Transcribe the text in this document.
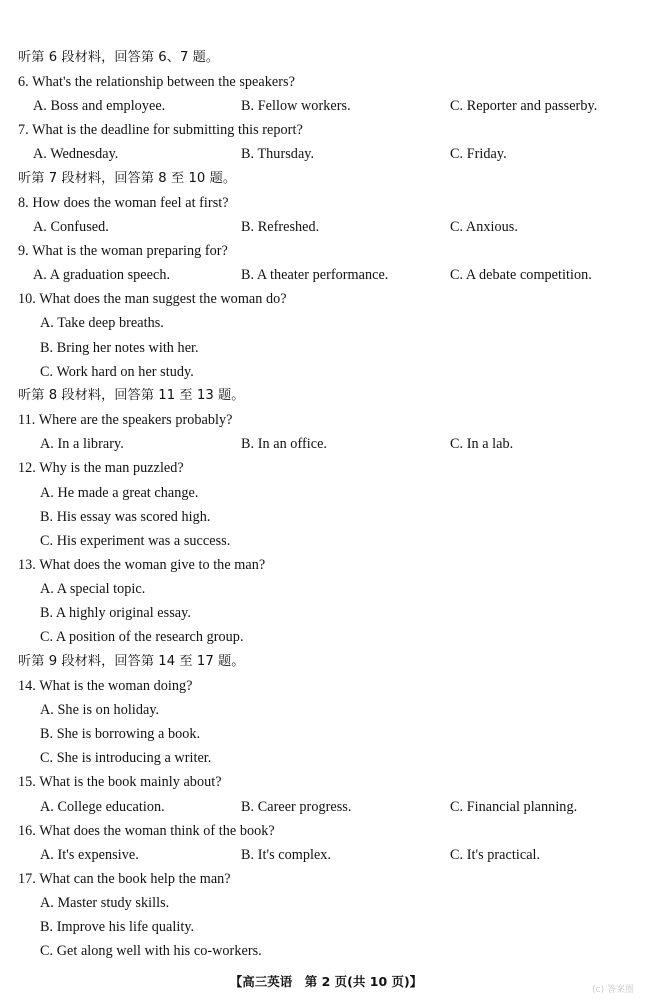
听第 6 段材料，回答第 6、7 题。
6. What's the relationship between the speakers?
A. Boss and employee.	B. Fellow workers.	C. Reporter and passerby.
7. What is the deadline for submitting this report?
A. Wednesday.	B. Thursday.	C. Friday.
听第 7 段材料，回答第 8 至 10 题。
8. How does the woman feel at first?
A. Confused.	B. Refreshed.	C. Anxious.
9. What is the woman preparing for?
A. A graduation speech.	B. A theater performance.	C. A debate competition.
10. What does the man suggest the woman do?
A. Take deep breaths.
B. Bring her notes with her.
C. Work hard on her study.
听第 8 段材料，回答第 11 至 13 题。
11. Where are the speakers probably?
A. In a library.	B. In an office.	C. In a lab.
12. Why is the man puzzled?
A. He made a great change.
B. His essay was scored high.
C. His experiment was a success.
13. What does the woman give to the man?
A. A special topic.
B. A highly original essay.
C. A position of the research group.
听第 9 段材料，回答第 14 至 17 题。
14. What is the woman doing?
A. She is on holiday.
B. She is borrowing a book.
C. She is introducing a writer.
15. What is the book mainly about?
A. College education.	B. Career progress.	C. Financial planning.
16. What does the woman think of the book?
A. It's expensive.	B. It's complex.	C. It's practical.
17. What can the book help the man?
A. Master study skills.
B. Improve his life quality.
C. Get along well with his co-workers.
【高三英语　第 2 页(共 10 页)】
(c) 答案圈
